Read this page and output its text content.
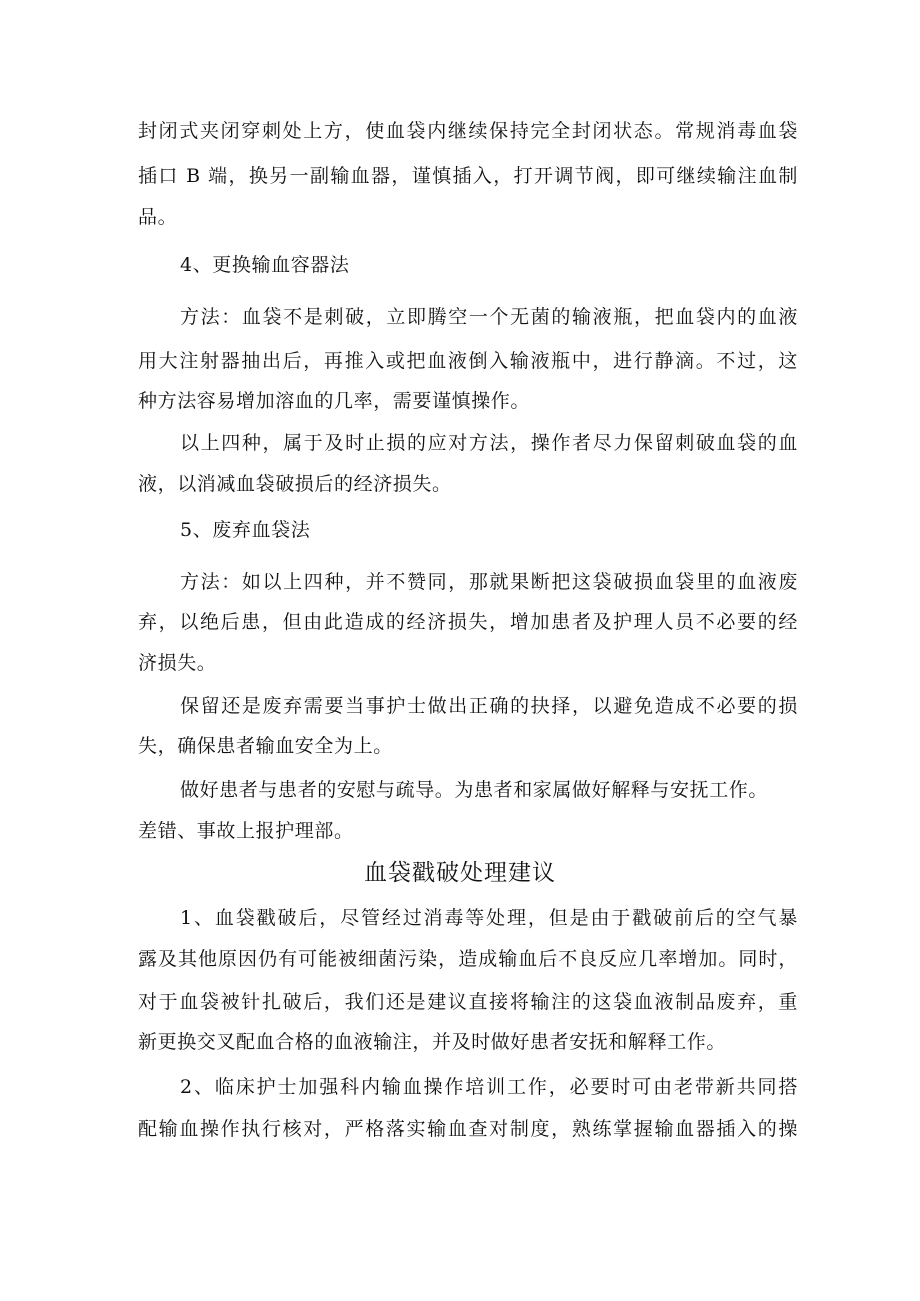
封闭式夹闭穿刺处上方，使血袋内继续保持完全封闭状态。常规消毒血袋
插口 B 端，换另一副输血器，谨慎插入，打开调节阀，即可继续输注血制
品。
4、更换输血容器法
方法：血袋不是刺破，立即腾空一个无菌的输液瓶，把血袋内的血液
用大注射器抽出后，再推入或把血液倒入输液瓶中，进行静滴。不过，这
种方法容易增加溶血的几率，需要谨慎操作。
以上四种，属于及时止损的应对方法，操作者尽力保留刺破血袋的血
液，以消减血袋破损后的经济损失。
5、废弃血袋法
方法：如以上四种，并不赞同，那就果断把这袋破损血袋里的血液废
弃，以绝后患，但由此造成的经济损失，增加患者及护理人员不必要的经
济损失。
保留还是废弃需要当事护士做出正确的抉择，以避免造成不必要的损
失，确保患者输血安全为上。
做好患者与患者的安慰与疏导。为患者和家属做好解释与安抚工作。
差错、事故上报护理部。
血袋戳破处理建议
1、血袋戳破后，尽管经过消毒等处理，但是由于戳破前后的空气暴
露及其他原因仍有可能被细菌污染，造成输血后不良反应几率增加。同时，
对于血袋被针扎破后，我们还是建议直接将输注的这袋血液制品废弃，重
新更换交叉配血合格的血液输注，并及时做好患者安抚和解释工作。
2、临床护士加强科内输血操作培训工作，必要时可由老带新共同搭
配输血操作执行核对，严格落实输血查对制度，熟练掌握输血器插入的操
